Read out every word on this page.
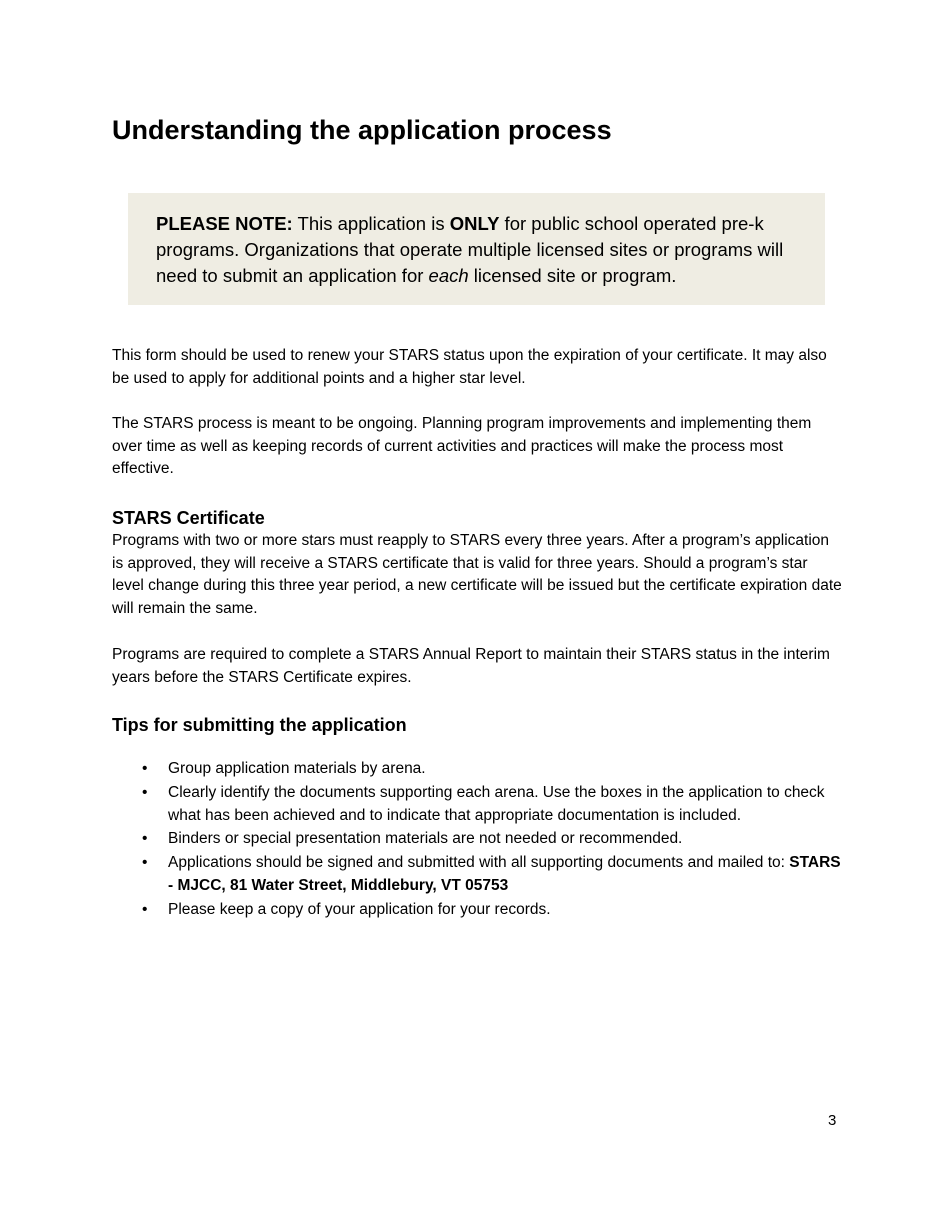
Understanding the application process

PLEASE NOTE: This application is ONLY for public school operated pre-k programs. Organizations that operate multiple licensed sites or programs will need to submit an application for each licensed site or program.

This form should be used to renew your STARS status upon the expiration of your certificate. It may also be used to apply for additional points and a higher star level.

The STARS process is meant to be ongoing. Planning program improvements and implementing them over time as well as keeping records of current activities and practices will make the process most effective.

STARS Certificate

Programs with two or more stars must reapply to STARS every three years. After a program’s application is approved, they will receive a STARS certificate that is valid for three years. Should a program’s star level change during this three year period, a new certificate will be issued but the certificate expiration date will remain the same.

Programs are required to complete a STARS Annual Report to maintain their STARS status in the interim years before the STARS Certificate expires.

Tips for submitting the application
• Group application materials by arena.
• Clearly identify the documents supporting each arena. Use the boxes in the application to check what has been achieved and to indicate that appropriate documentation is included.
• Binders or special presentation materials are not needed or recommended.
• Applications should be signed and submitted with all supporting documents and mailed to: STARS - MJCC, 81 Water Street, Middlebury, VT 05753
• Please keep a copy of your application for your records.
3
